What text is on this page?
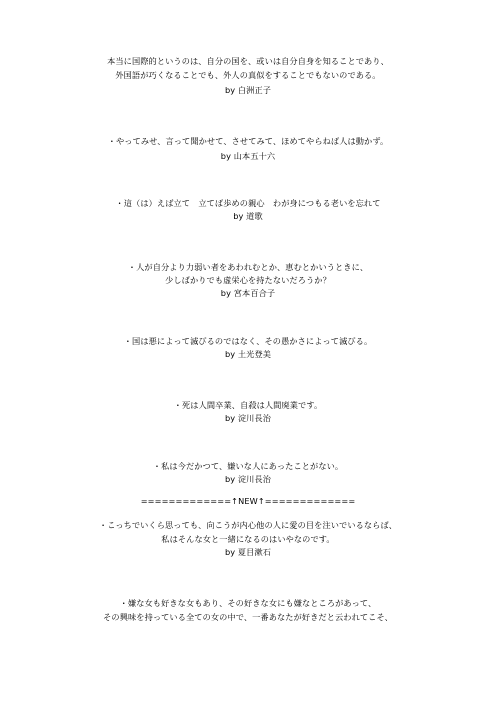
本当に国際的というのは、自分の国を、或いは自分自身を知ることであり、
外国語が巧くなることでも、外人の真似をすることでもないのである。
by 白洲正子
・やってみせ、言って聞かせて、させてみて、ほめてやらねば人は動かず。
by 山本五十六
・這（は）えば立て　立てば歩めの親心　わが身につもる老いを忘れて
by 道歌
・人が自分より力弱い者をあわれむとか、恵むとかいうときに、
少しばかりでも虚栄心を持たないだろうか？
by 宮本百合子
・国は悪によって滅びるのではなく、その愚かさによって滅びる。
by 土光登美
・死は人間卒業、自殺は人間廃業です。
by 淀川長治
・私は今だかつて、嫌いな人にあったことがない。
by 淀川長治
=============↑NEW↑=============
・こっちでいくら思っても、向こうが内心他の人に愛の目を注いでいるならば、
私はそんな女と一緒になるのはいやなのです。
by 夏目漱石
・嫌な女も好きな女もあり、その好きな女にも嫌なところがあって、
その興味を持っている全ての女の中で、一番あなたが好きだと云われてこそ、
